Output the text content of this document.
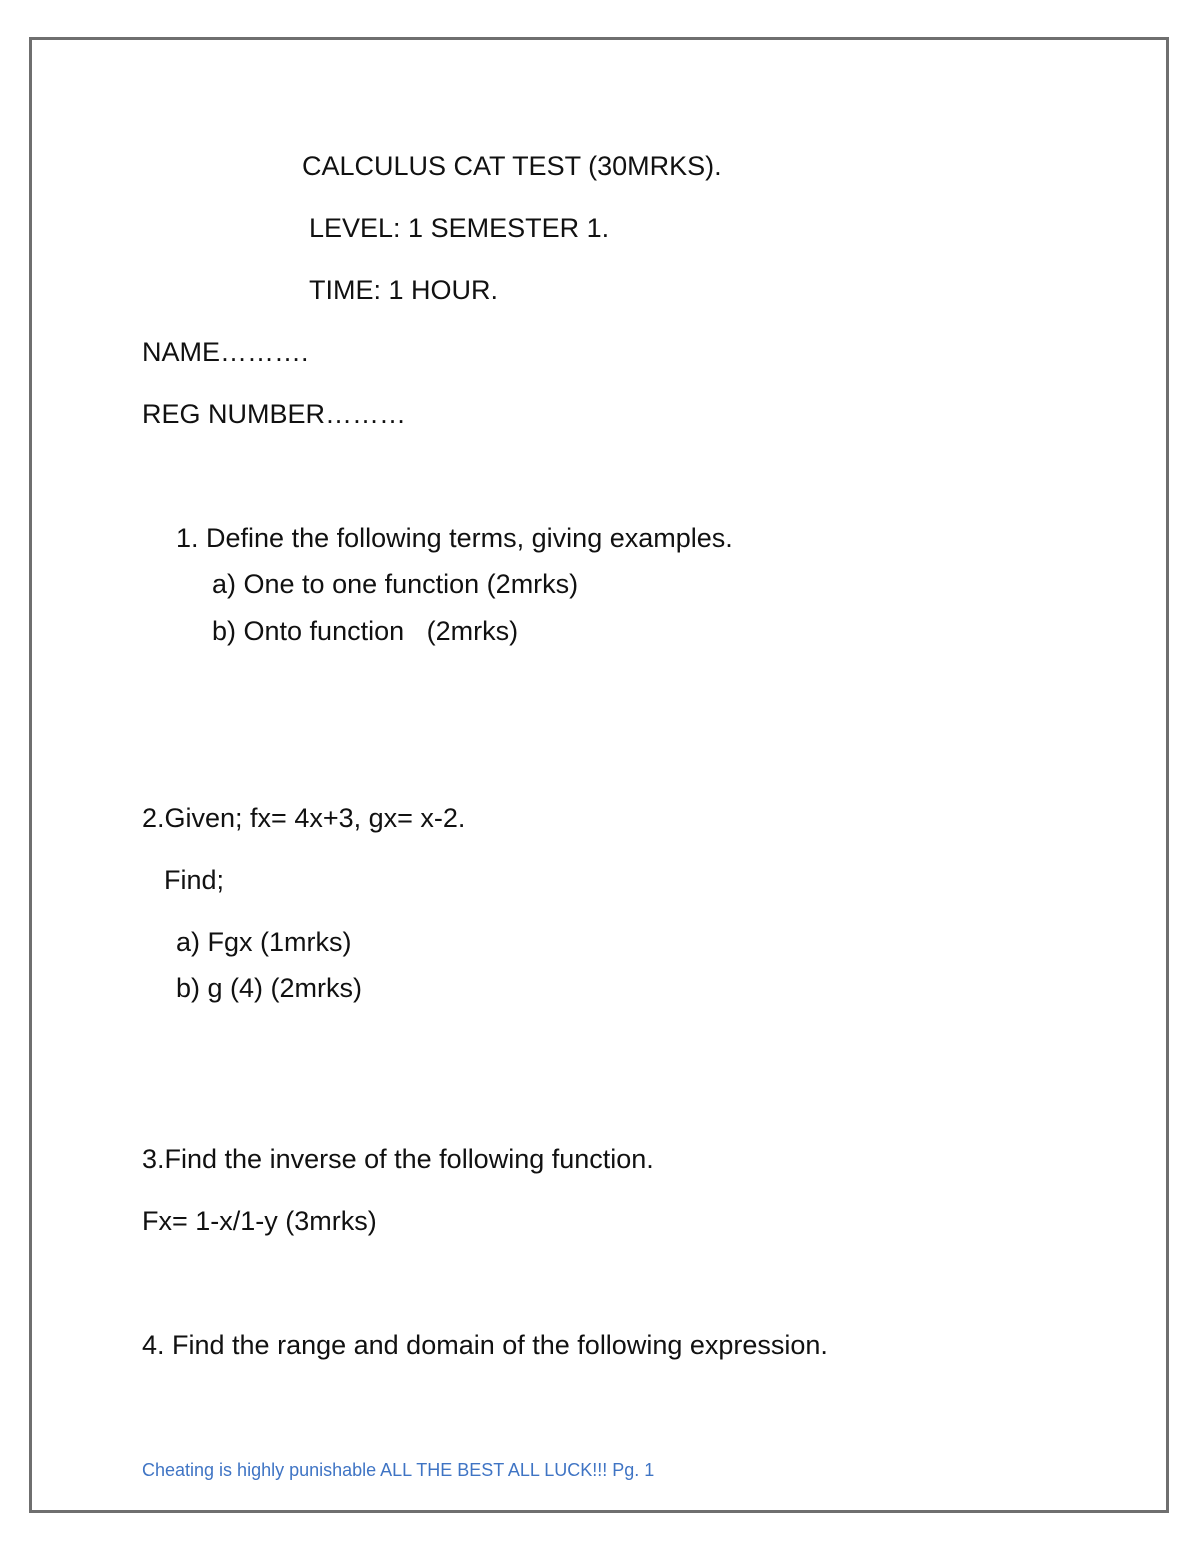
CALCULUS CAT TEST (30MRKS).
LEVEL: 1 SEMESTER 1.
TIME: 1 HOUR.
NAME……….
REG NUMBER………
1. Define the following terms, giving examples.
a) One to one function (2mrks)
b) Onto function   (2mrks)
2.Given; fx= 4x+3, gx= x-2.
Find;
a) Fgx (1mrks)
b) g (4) (2mrks)
3.Find the inverse of the following function.
Fx= 1-x/1-y (3mrks)
4. Find the range and domain of the following expression.
Cheating is highly punishable ALL THE BEST ALL LUCK!!! Pg. 1
